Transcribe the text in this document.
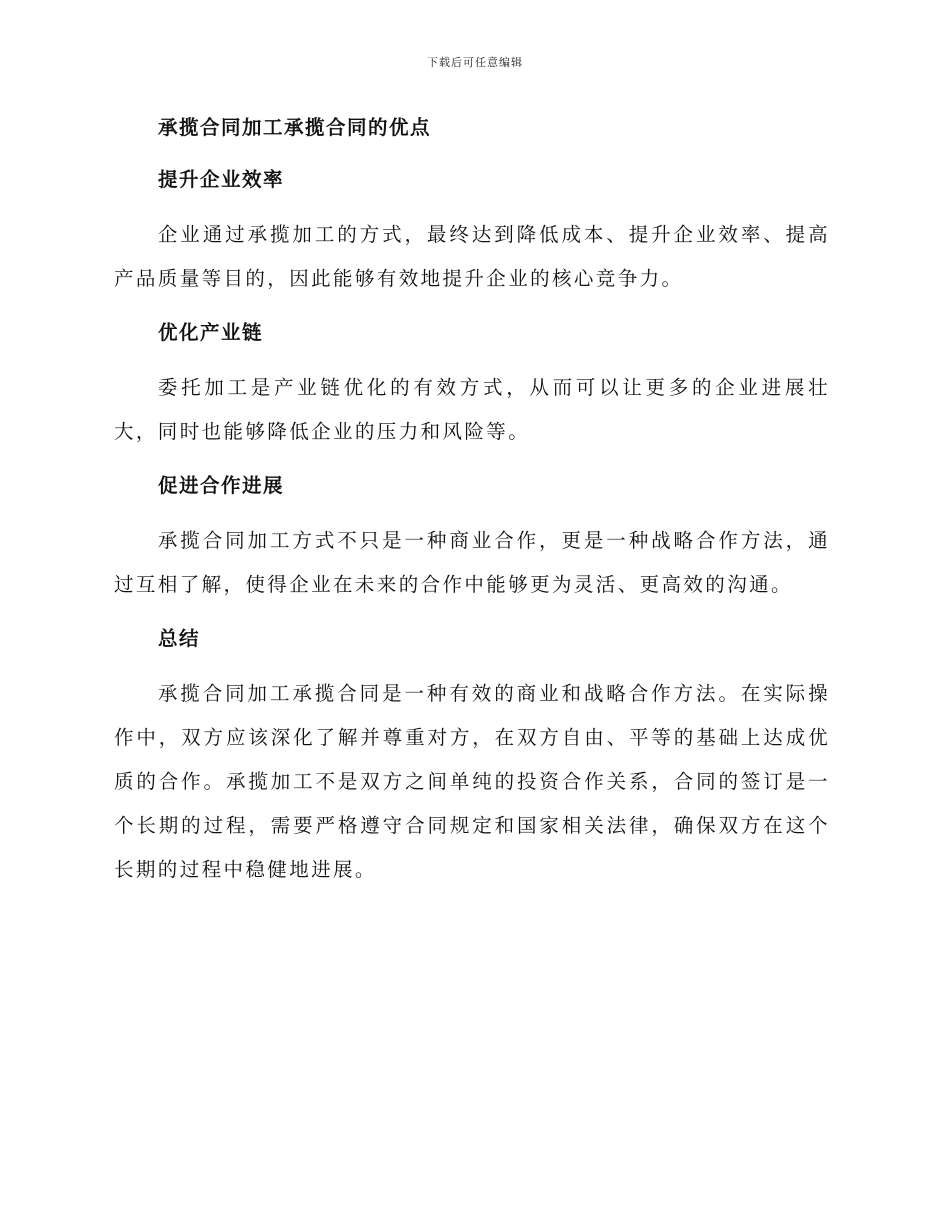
下载后可任意编辑
承揽合同加工承揽合同的优点
提升企业效率

企业通过承揽加工的方式，最终达到降低成本、提升企业效率、提高产品质量等目的，因此能够有效地提升企业的核心竞争力。

优化产业链

委托加工是产业链优化的有效方式，从而可以让更多的企业进展壮大，同时也能够降低企业的压力和风险等。

促进合作进展

承揽合同加工方式不只是一种商业合作，更是一种战略合作方法，通过互相了解，使得企业在未来的合作中能够更为灵活、更高效的沟通。

总结

承揽合同加工承揽合同是一种有效的商业和战略合作方法。在实际操作中，双方应该深化了解并尊重对方，在双方自由、平等的基础上达成优质的合作。承揽加工不是双方之间单纯的投资合作关系，合同的签订是一个长期的过程，需要严格遵守合同规定和国家相关法律，确保双方在这个长期的过程中稳健地进展。
